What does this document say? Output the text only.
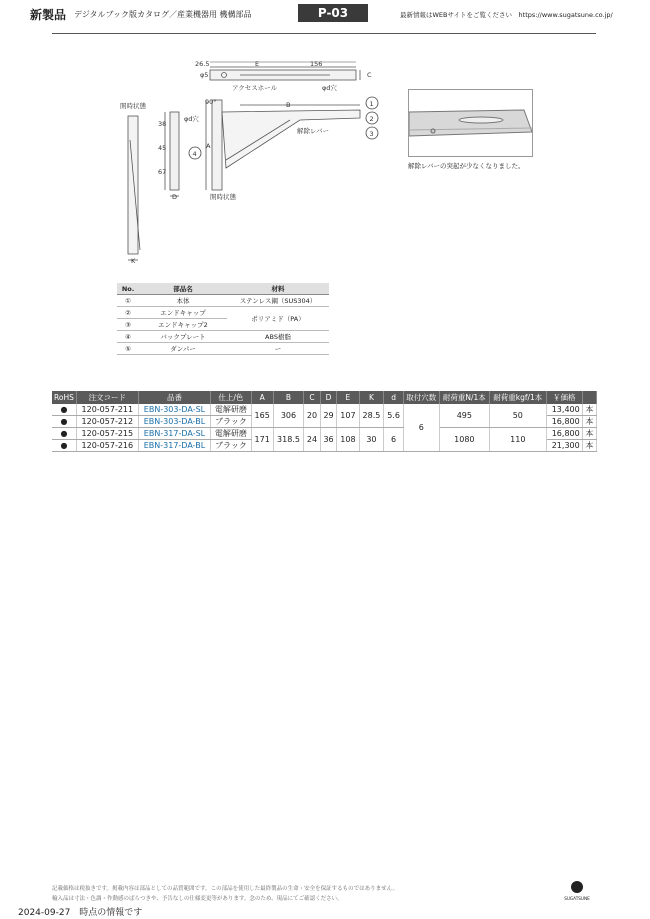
新製品 デジタルブック版カタログ／産業機器用 機構部品	P-03	最新情報はWEBサイトをご覧ください　https://www.sugatsune.co.jp/
1
2
3
4
26.5	E	156
C
φ5
アクセスホール	φd穴
B
A
φd穴
38
45
67
D
K
解除レバー
開時状態
開時状態
90°
解除レバーの突起が少なくなりました。
No.	部品名	材料
①	本体	ステンレス鋼（SUS304）
②	エンドキャップ	ポリアミド（PA）
③	エンドキャップ2	
④	バックプレート	ABS樹脂
⑤	ダンパー	ー
RoHS	注文コード	品番	仕上/色	A	B	C	D	E	K	d	取付穴数	耐荷重N/1本	耐荷重kgf/1本	￥価格	
●	120-057-211	EBN-303-DA-SL	電解研磨	165	306	20	29	107	28.5	5.6	6	495	50	13,400	本
●	120-057-212	EBN-303-DA-BL	ブラック											16,800	本
●	120-057-215	EBN-317-DA-SL	電解研磨	171	318.5	24	36	108	30	6		1080	110	16,800	本
●	120-057-216	EBN-317-DA-BL	ブラック											21,300	本
記載価格は税抜きです。掲載内容は部品としての品質範囲です。この部品を使用した最終製品の生命・安全を保証するものではありません。
輸入品は寸法・色調・作動感のばらつきや、予告なしの仕様変更等があります。念のため、現品にてご確認ください。
2024-09-27　時点の情報です
SUGATSUNE
